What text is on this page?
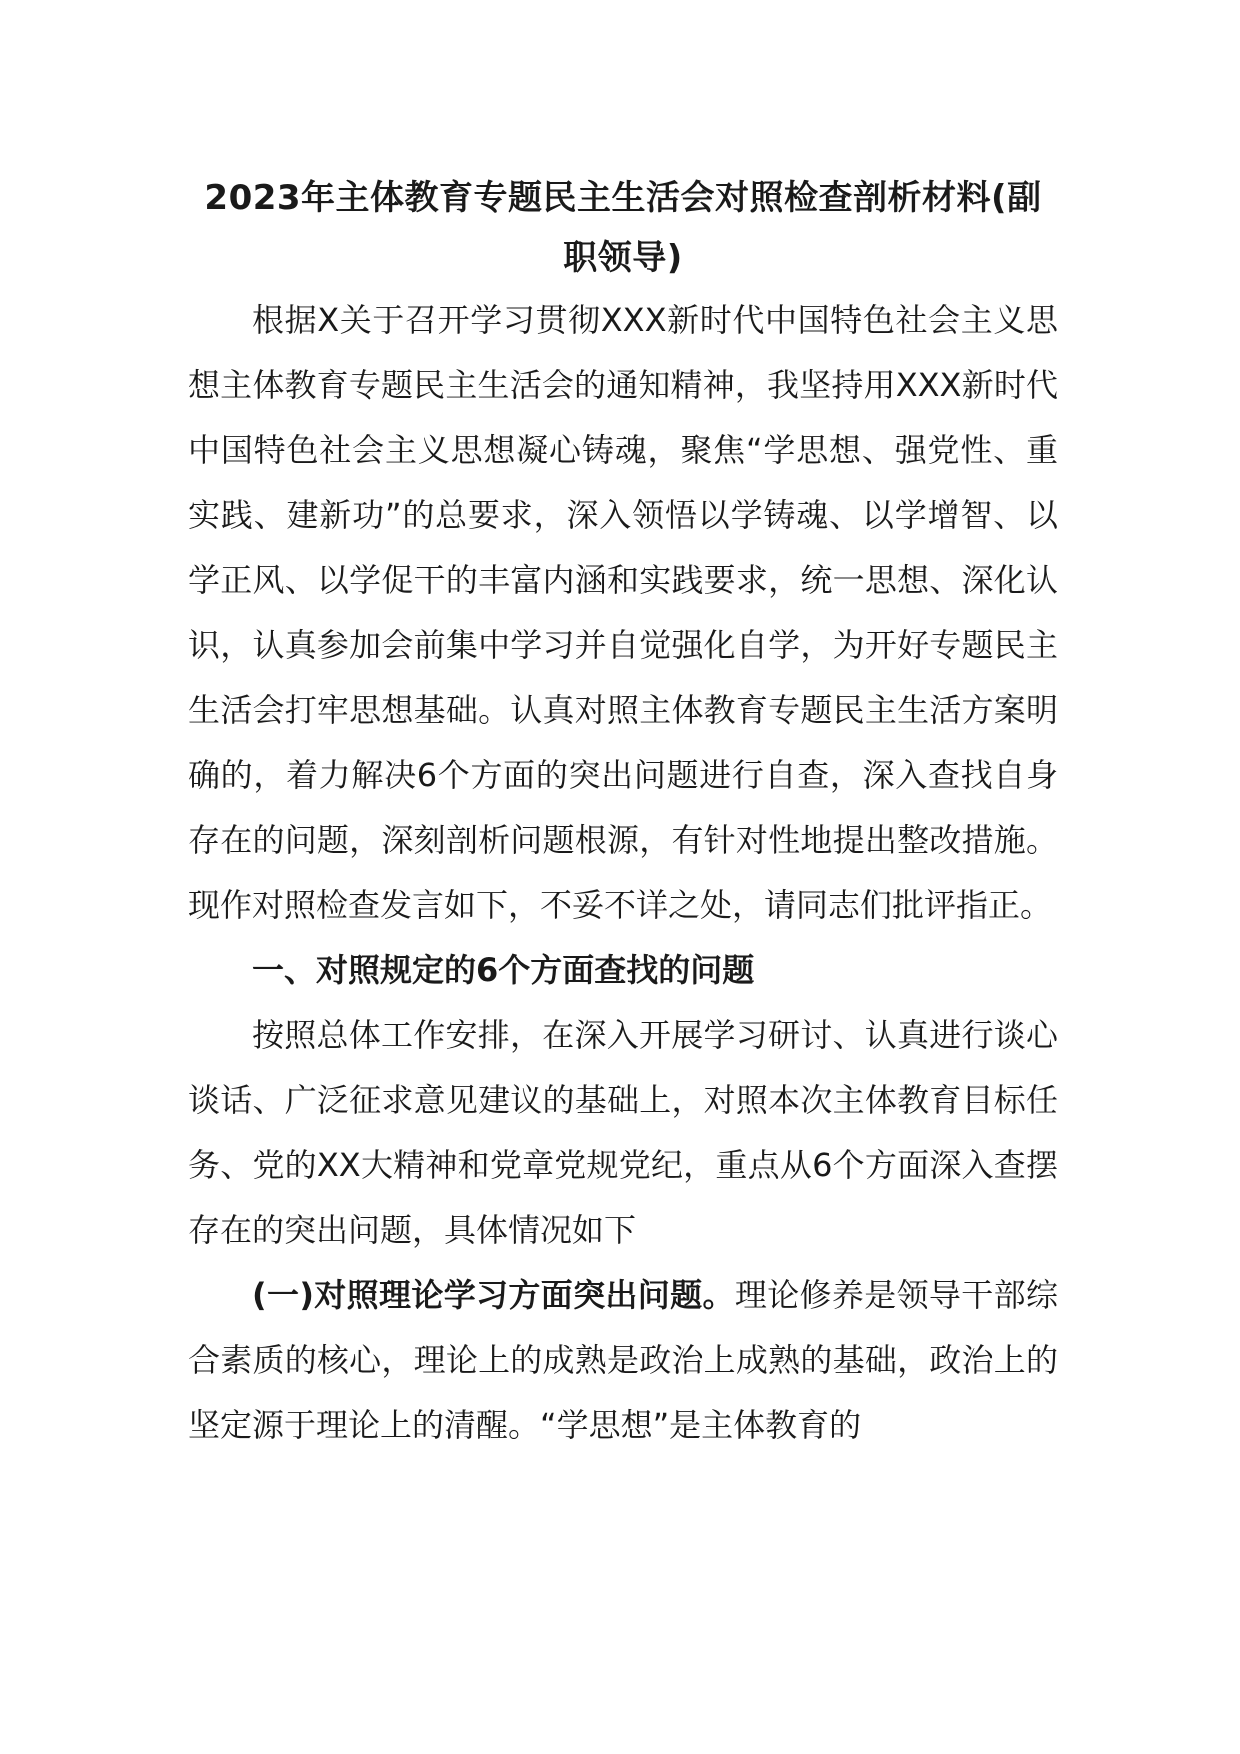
2023年主体教育专题民主生活会对照检查剖析材料(副职领导)

根据X关于召开学习贯彻XXX新时代中国特色社会主义思想主体教育专题民主生活会的通知精神，我坚持用XXX新时代中国特色社会主义思想凝心铸魂，聚焦“学思想、强党性、重实践、建新功”的总要求，深入领悟以学铸魂、以学增智、以学正风、以学促干的丰富内涵和实践要求，统一思想、深化认识，认真参加会前集中学习并自觉强化自学，为开好专题民主生活会打牢思想基础。认真对照主体教育专题民主生活方案明确的，着力解决6个方面的突出问题进行自查，深入查找自身存在的问题，深刻剖析问题根源，有针对性地提出整改措施。现作对照检查发言如下，不妥不详之处，请同志们批评指正。

一、对照规定的6个方面查找的问题

按照总体工作安排，在深入开展学习研讨、认真进行谈心谈话、广泛征求意见建议的基础上，对照本次主体教育目标任务、党的XX大精神和党章党规党纪，重点从6个方面深入查摆存在的突出问题，具体情况如下

(一)对照理论学习方面突出问题。理论修养是领导干部综合素质的核心，理论上的成熟是政治上成熟的基础，政治上的坚定源于理论上的清醒。“学思想”是主体教育的
